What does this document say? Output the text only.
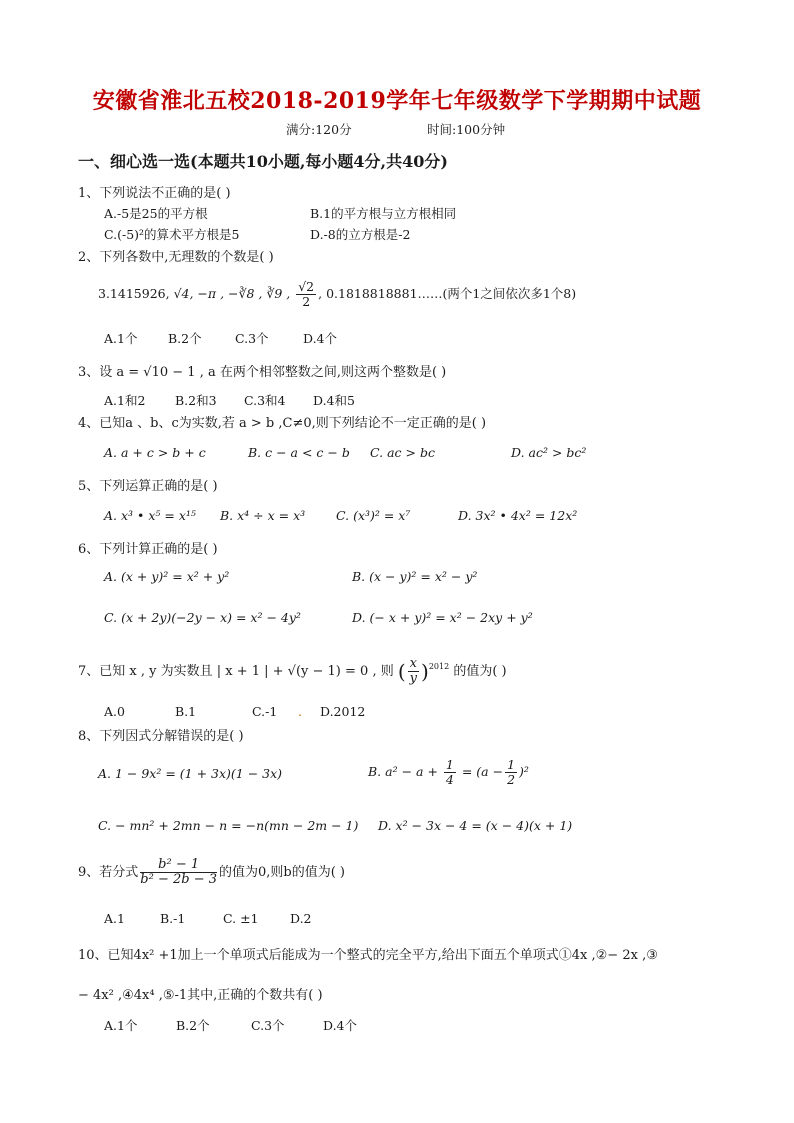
安徽省淮北五校2018-2019学年七年级数学下学期期中试题
满分:120分	时间:100分钟
一、细心选一选(本题共10小题,每小题4分,共40分)
1、下列说法不正确的是( )
A.-5是25的平方根	B.1的平方根与立方根相同
C.(-5)²的算术平方根是5	D.-8的立方根是-2
2、下列各数中,无理数的个数是( )
3.1415926, √4, −π , −∛8 , ∛9 , $\frac{√2}{2}$ , 0.1818818881……(两个1之间依次多1个8)
A.1个 B.2个	C.3个	D.4个
3、设 a = √10 − 1 , a 在两个相邻整数之间,则这两个整数是( )
A.1和2 B.2和3 C.3和4 D.4和5
4、已知a 、b、c为实数,若 a > b ,C≠0,则下列结论不一定正确的是( )
A. a + c > b + c	B. c − a < c − b C. ac > bc	D. ac² > bc²
5、下列运算正确的是( )
A. x³ • x⁵ = x¹⁵ B. x⁴ ÷ x = x³ C. (x³)² = x⁷	D. 3x² • 4x² = 12x²
6、下列计算正确的是( )
A. (x + y)² = x² + y²	B. (x − y)² = x² − y²
C. (x + 2y)(−2y − x) = x² − 4y²	D. (− x + y)² = x² − 2xy + y²
7、已知 x , y 为实数且 | x + 1 | + √(y − 1) = 0 , 则 ( $\frac{x}{y} )^{2012}$ 的值为( )
A.0	B.1	C.-1 . D.2012
8、下列因式分解错误的是( )
A. 1 − 9x² = (1 + 3x)(1 − 3x)	B. $a^2 - a + \frac{1}{4} = (a - \frac{1}{2} )^2$
C. − mn² + 2mn − n = −n(mn − 2m − 1) D. x² − 3x − 4 = (x − 4)(x + 1)
9、若分式 $\frac{\text{b² − 1}}{\text{b² − 2b − 3}}$ 的值为0,则b的值为( )
A.1	B.-1	C. ±1	D.2
10、已知4x² +1加上一个单项式后能成为一个整式的完全平方,给出下面五个单项式①4x ,②− 2x ,③
− 4x² ,④4x⁴ ,⑤-1其中,正确的个数共有( )
A.1个	B.2个	C.3个	D.4个
